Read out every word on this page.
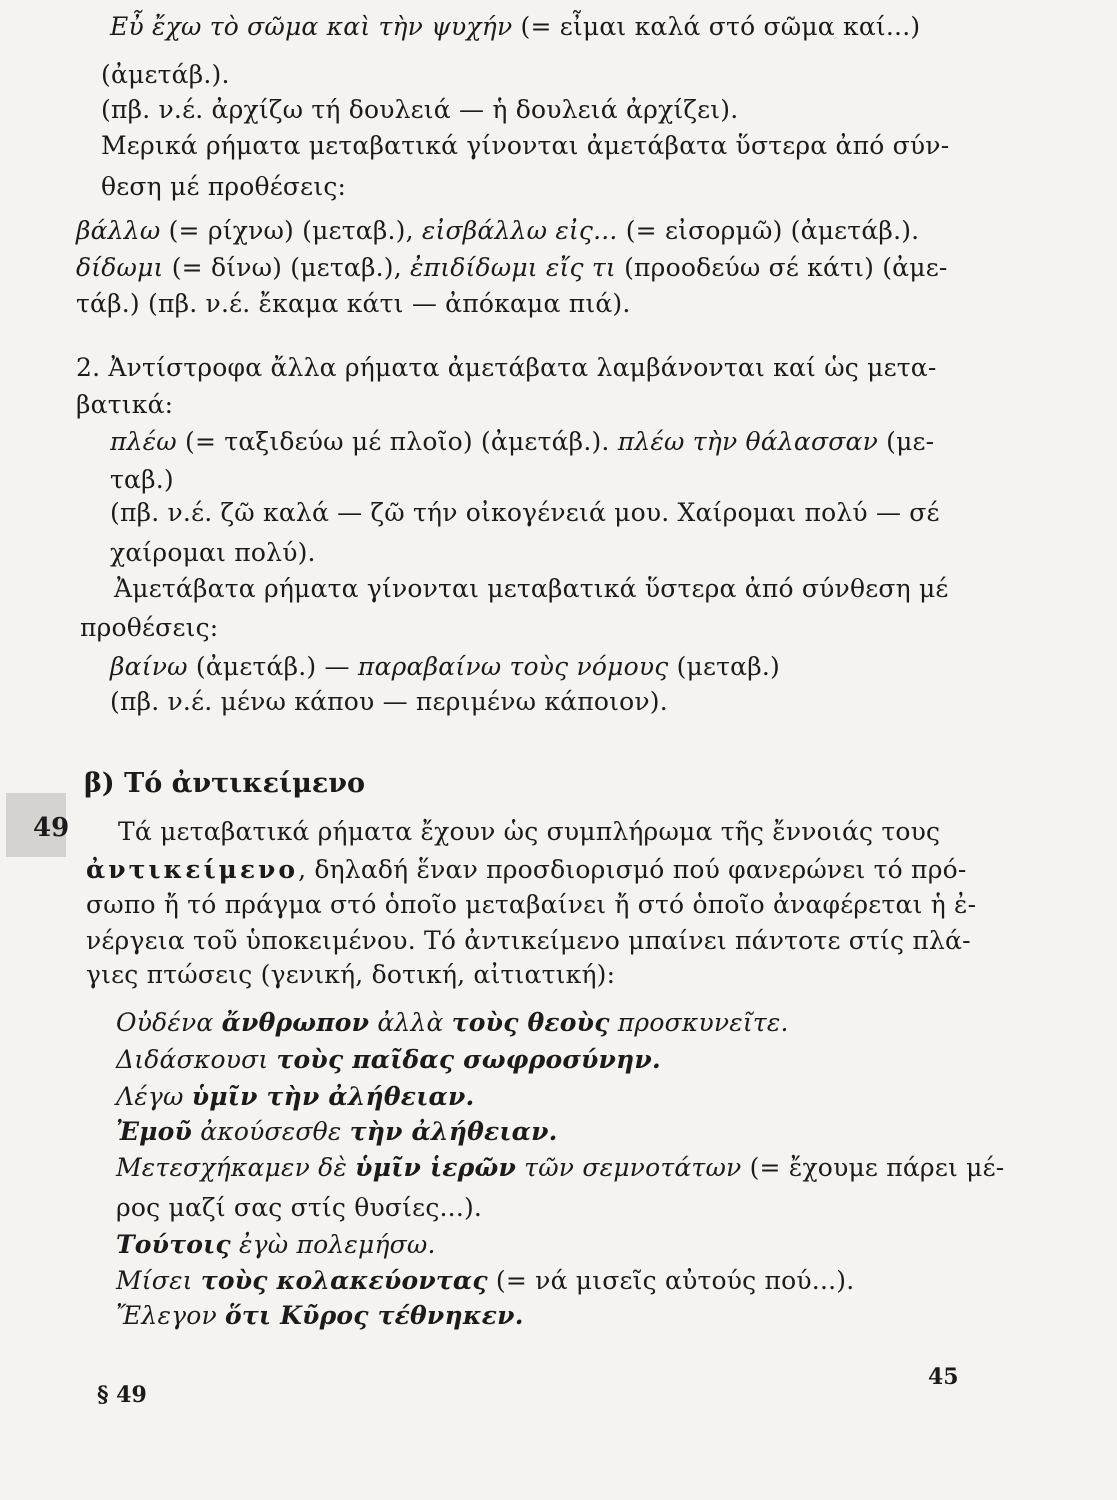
Εὖ ἔχω τὸ σῶμα καὶ τὴν ψυχήν (= εἶμαι καλά στό σῶμα καί...)
(ἀμετάβ.).
(πβ. ν.έ. ἀρχίζω τή δουλειά — ἡ δουλειά ἀρχίζει).
Μερικά ρήματα μεταβατικά γίνονται ἀμετάβατα ὕστερα ἀπό σύν-
θεση μέ προθέσεις:
βάλλω (= ρίχνω) (μεταβ.), εἰσβάλλω εἰς... (= εἰσορμῶ) (ἀμετάβ.).
δίδωμι (= δίνω) (μεταβ.), ἐπιδίδωμι εἴς τι (προοδεύω σέ κάτι) (ἀμε-
τάβ.) (πβ. ν.έ. ἔκαμα κάτι — ἀπόκαμα πιά).
2. Ἀντίστροφα ἄλλα ρήματα ἀμετάβατα λαμβάνονται καί ὡς μετα-
βατικά:
πλέω (= ταξιδεύω μέ πλοῖο) (ἀμετάβ.). πλέω τὴν θάλασσαν (με-
ταβ.)
(πβ. ν.έ. ζῶ καλά — ζῶ τήν οἰκογένειά μου. Χαίρομαι πολύ — σέ
χαίρομαι πολύ).
Ἀμετάβατα ρήματα γίνονται μεταβατικά ὕστερα ἀπό σύνθεση μέ
προθέσεις:
βαίνω (ἀμετάβ.) — παραβαίνω τοὺς νόμους (μεταβ.)
(πβ. ν.έ. μένω κάπου — περιμένω κάποιον).
β) Τό ἀντικείμενο
49 Τά μεταβατικά ρήματα ἔχουν ὡς συμπλήρωμα τῆς ἔννοιάς τους
ἀντικείμενο, δηλαδή ἕναν προσδιορισμό πού φανερώνει τό πρό-
σωπο ἤ τό πράγμα στό ὁποῖο μεταβαίνει ἤ στό ὁποῖο ἀναφέρεται ἡ ἐ-
νέργεια τοῦ ὑποκειμένου. Τό ἀντικείμενο μπαίνει πάντοτε στίς πλά-
γιες πτώσεις (γενική, δοτική, αἰτιατική):
Οὐδένα ἄνθρωπον ἀλλὰ τοὺς θεοὺς προσκυνεῖτε.
Διδάσκουσι τοὺς παῖδας σωφροσύνην.
Λέγω ὑμῖν τὴν ἀλήθειαν.
Ἐμοῦ ἀκούσεσθε τὴν ἀλήθειαν.
Μετεσχήκαμεν δὲ ὑμῖν ἱερῶν τῶν σεμνοτάτων (= ἔχουμε πάρει μέ-
ρος μαζί σας στίς θυσίες...).
Τούτοις ἐγὼ πολεμήσω.
Μίσει τοὺς κολακεύοντας (= νά μισεῖς αὐτούς πού...).
Ἔλεγον ὅτι Κῦρος τέθνηκεν.
§ 49
45
